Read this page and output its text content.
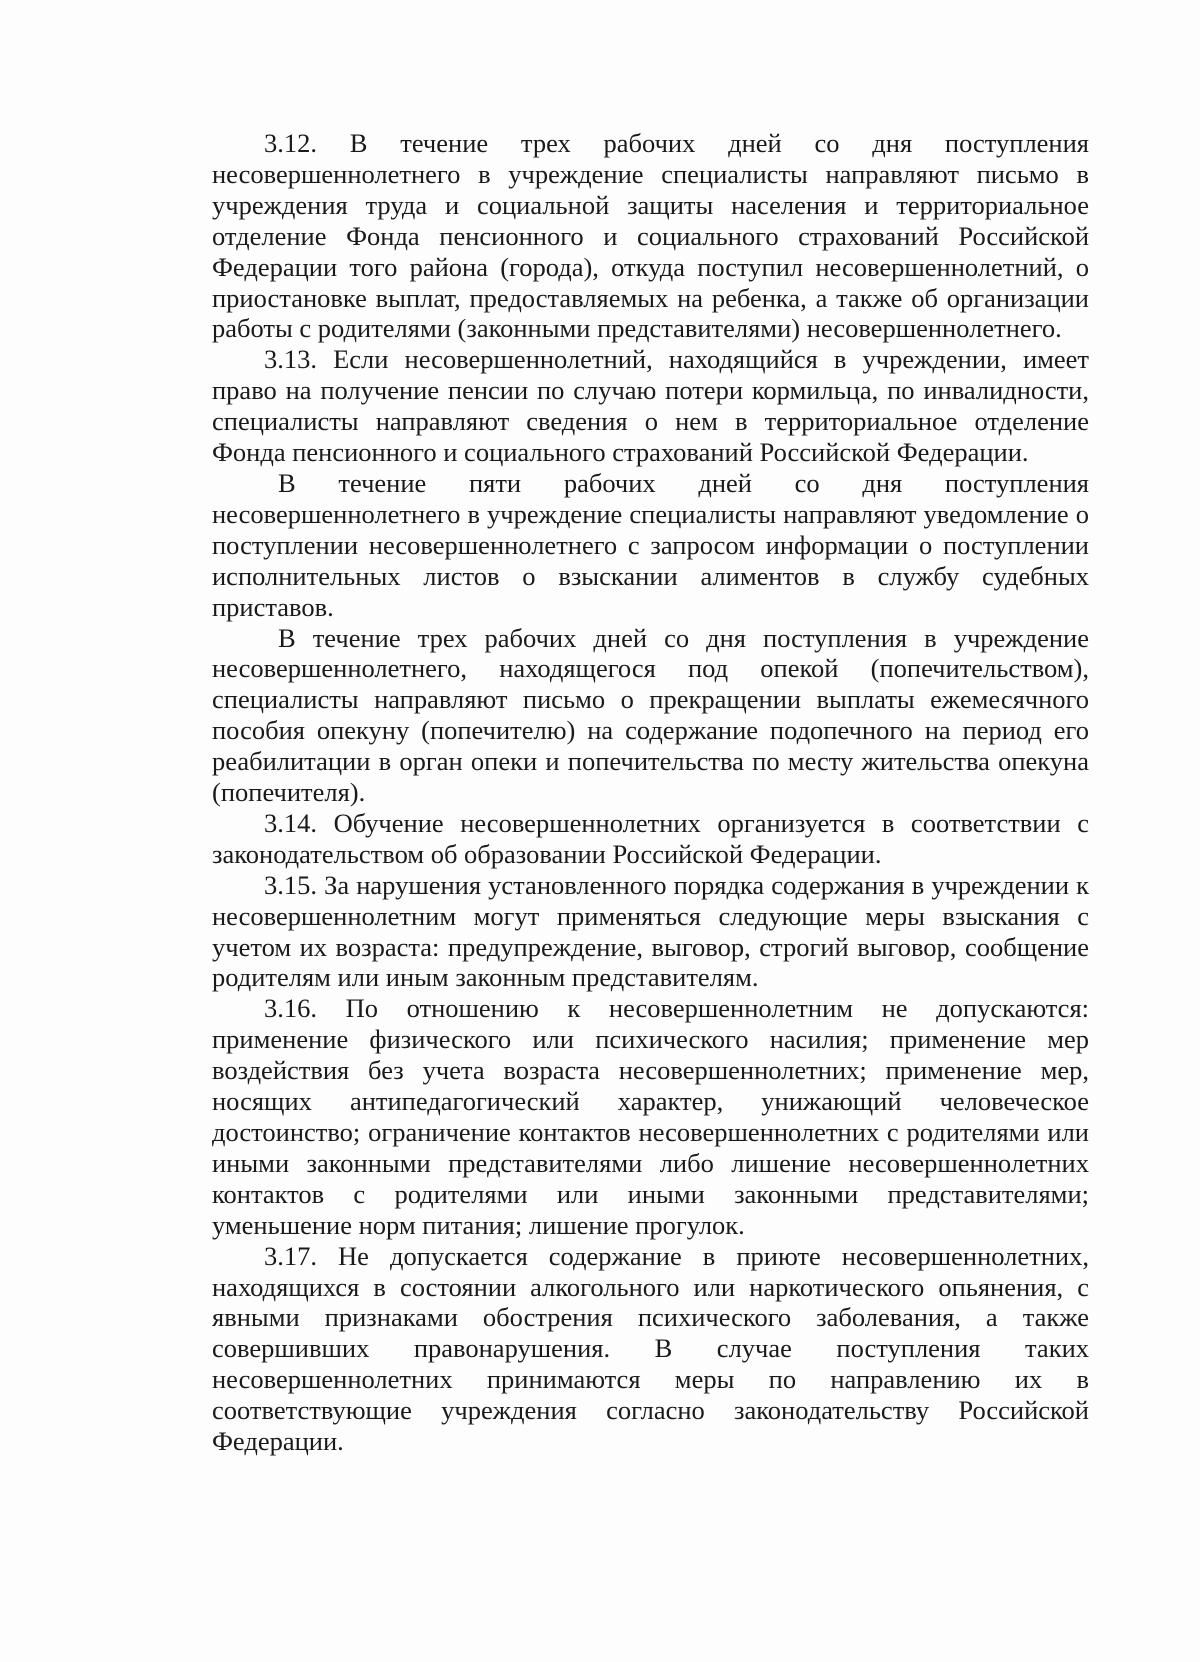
3.12. В течение трех рабочих дней со дня поступления несовершеннолетнего в учреждение специалисты направляют письмо в учреждения труда и социальной защиты населения и территориальное отделение Фонда пенсионного и социального страхований Российской Федерации того района (города), откуда поступил несовершеннолетний, о приостановке выплат, предоставляемых на ребенка, а также об организации работы с родителями (законными представителями) несовершеннолетнего.

3.13. Если несовершеннолетний, находящийся в учреждении, имеет право на получение пенсии по случаю потери кормильца, по инвалидности, специалисты направляют сведения о нем в территориальное отделение Фонда пенсионного и социального страхований Российской Федерации.

В течение пяти рабочих дней со дня поступления несовершеннолетнего в учреждение специалисты направляют уведомление о поступлении несовершеннолетнего с запросом информации о поступлении исполнительных листов о взыскании алиментов в службу судебных приставов.

В течение трех рабочих дней со дня поступления в учреждение несовершеннолетнего, находящегося под опекой (попечительством), специалисты направляют письмо о прекращении выплаты ежемесячного пособия опекуну (попечителю) на содержание подопечного на период его реабилитации в орган опеки и попечительства по месту жительства опекуна (попечителя).

3.14. Обучение несовершеннолетних организуется в соответствии с законодательством об образовании Российской Федерации.

3.15. За нарушения установленного порядка содержания в учреждении к несовершеннолетним могут применяться следующие меры взыскания с учетом их возраста: предупреждение, выговор, строгий выговор, сообщение родителям или иным законным представителям.

3.16. По отношению к несовершеннолетним не допускаются: применение физического или психического насилия; применение мер воздействия без учета возраста несовершеннолетних; применение мер, носящих антипедагогический характер, унижающий человеческое достоинство; ограничение контактов несовершеннолетних с родителями или иными законными представителями либо лишение несовершеннолетних контактов с родителями или иными законными представителями; уменьшение норм питания; лишение прогулок.

3.17. Не допускается содержание в приюте несовершеннолетних, находящихся в состоянии алкогольного или наркотического опьянения, с явными признаками обострения психического заболевания, а также совершивших правонарушения. В случае поступления таких несовершеннолетних принимаются меры по направлению их в соответствующие учреждения согласно законодательству Российской Федерации.
